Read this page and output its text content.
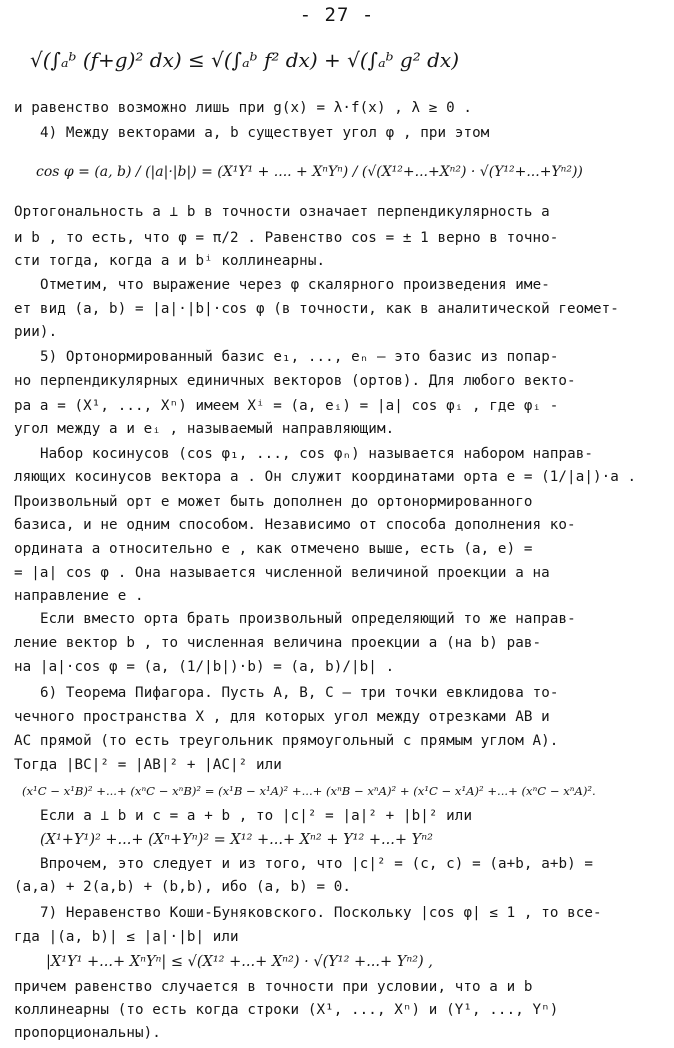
- 27 -
√(∫ₐᵇ (f+g)² dx) ≤ √(∫ₐᵇ f² dx) + √(∫ₐᵇ g² dx)
и равенство возможно лишь при g(x) = λ·f(x) , λ ≥ 0 .
4) Между векторами a, b существует угол φ , при этом
cos φ = (a, b) / (|a|·|b|) = (X¹Y¹ + .... + XⁿYⁿ) / (√(X¹²+...+Xⁿ²) · √(Y¹²+...+Yⁿ²))
Ортогональность a ⊥ b в точности означает перпендикулярность a
и b , то есть, что φ = π/2 . Равенство cos = ± 1 верно в точно-
сти тогда, когда a и bⁱ коллинеарны.
Отметим, что выражение через φ скалярного произведения име-
ет вид (a, b) = |a|·|b|·cos φ (в точности, как в аналитической геомет-
рии).
5) Ортонормированный базис e₁, ..., eₙ – это базис из попар-
но перпендикулярных единичных векторов (ортов). Для любого векто-
ра a = (X¹, ..., Xⁿ) имеем Xⁱ = (a, eᵢ) = |a| cos φᵢ , где φᵢ -
угол между a и eᵢ , называемый направляющим.
Набор косинусов (cos φ₁, ..., cos φₙ) называется набором направ-
ляющих косинусов вектора a . Он служит координатами орта e = (1/|a|)·a .
Произвольный орт e может быть дополнен до ортонормированного
базиса, и не одним способом. Независимо от способа дополнения ко-
ордината a относительно e , как отмечено выше, есть (a, e) =
= |a| cos φ . Она называется численной величиной проекции a на
направление e .
Если вместо орта брать произвольный определяющий то же направ-
ление вектор b , то численная величина проекции a (на b) рав-
на |a|·cos φ = (a, (1/|b|)·b) = (a, b)/|b| .
6) Теорема Пифагора. Пусть A, B, C – три точки евклидова то-
чечного пространства X , для которых угол между отрезками AB и
AC прямой (то есть треугольник прямоугольный с прямым углом A).
Тогда |BC|² = |AB|² + |AC|² или
(x¹C − x¹B)² +...+ (xⁿC − xⁿB)² = (x¹B − x¹A)² +...+ (xⁿB − xⁿA)² + (x¹C − x¹A)² +...+ (xⁿC − xⁿA)².
Если a ⊥ b и c = a + b , то |c|² = |a|² + |b|² или
(X¹+Y¹)² +...+ (Xⁿ+Yⁿ)² = X¹² +...+ Xⁿ² + Y¹² +...+ Yⁿ²
Впрочем, это следует и из того, что |c|² = (c, c) = (a+b, a+b) =
(a,a) + 2(a,b) + (b,b), ибо (a, b) = 0.
7) Неравенство Коши-Буняковского. Поскольку |cos φ| ≤ 1 , то все-
гда |(a, b)| ≤ |a|·|b| или
|X¹Y¹ +...+ XⁿYⁿ| ≤ √(X¹² +...+ Xⁿ²) · √(Y¹² +...+ Yⁿ²) ,
причем равенство случается в точности при условии, что a и b
коллинеарны (то есть когда строки (X¹, ..., Xⁿ) и (Y¹, ..., Yⁿ)
пропорциональны).
